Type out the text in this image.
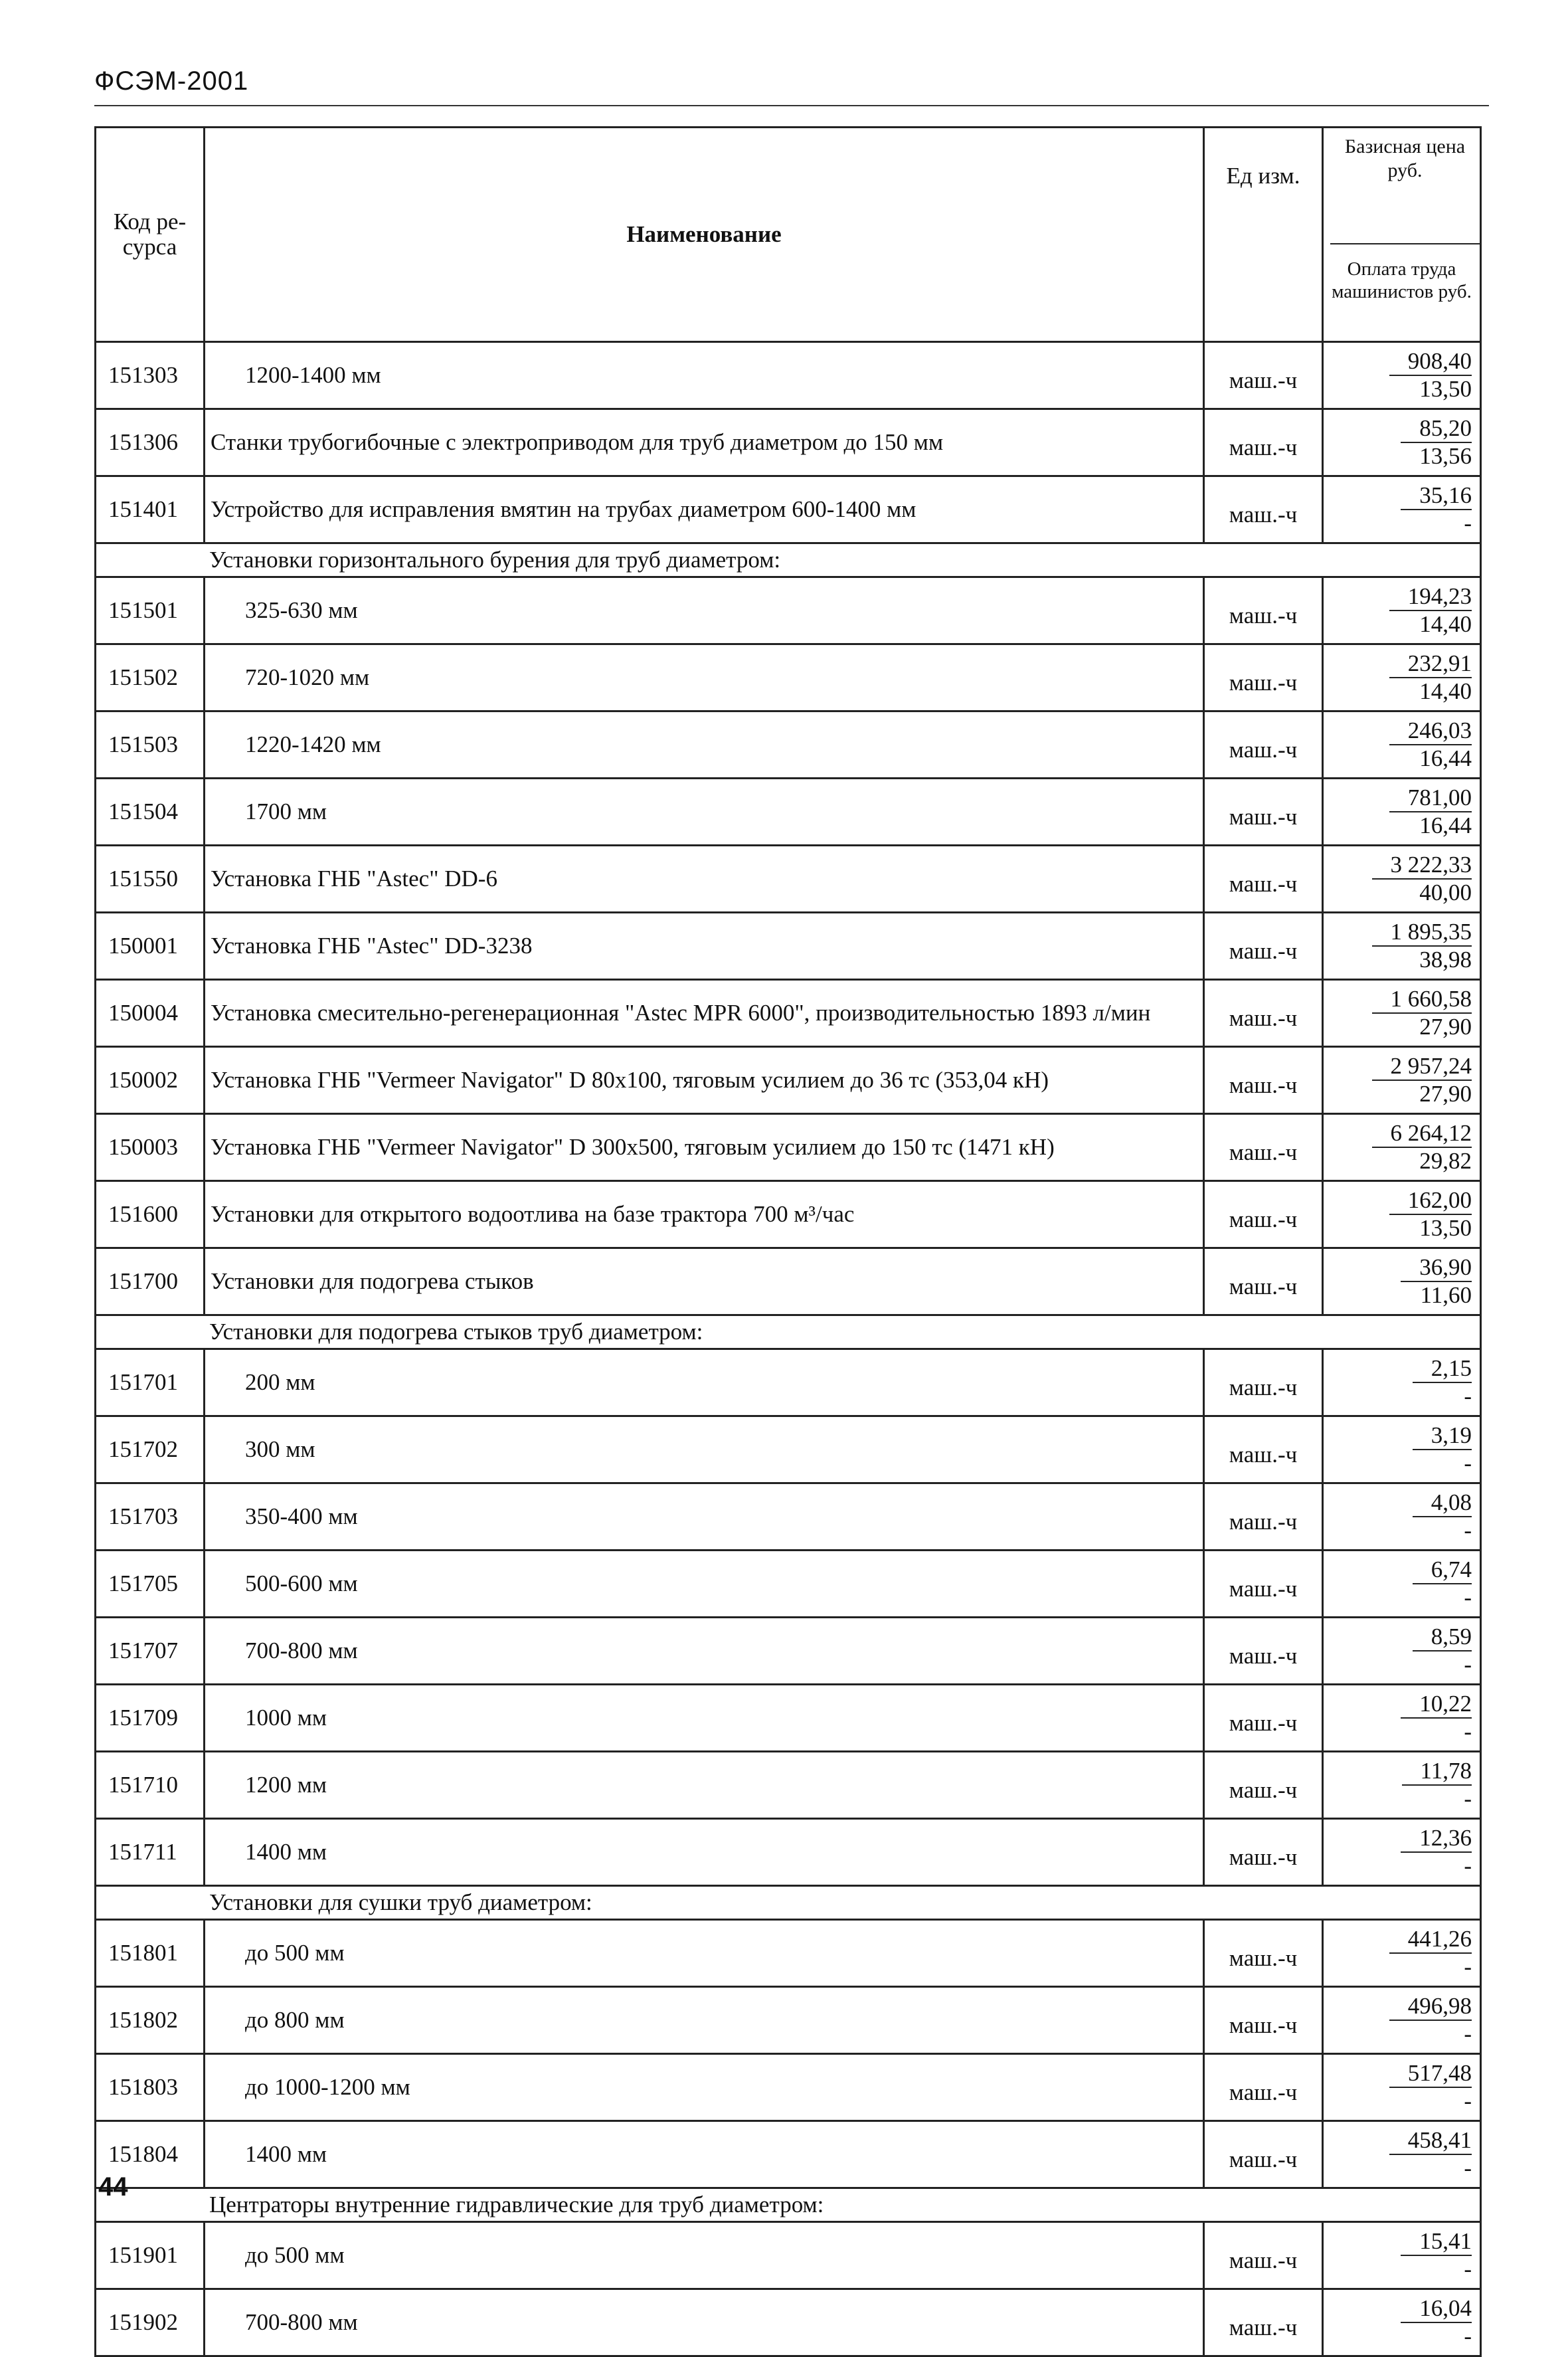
ФСЭМ-2001
Код ре-сурса	Наименование	Ед изм.	Базисная цена руб.
Оплата труда машинистов руб.

151303	1200-1400 мм	маш.-ч	908,40
13,50

151306	Станки трубогибочные с электроприводом для труб диаметром до 150 мм	маш.-ч	85,20
13,56

151401	Устройство для исправления вмятин на трубах диаметром 600-1400 мм	маш.-ч	35,16
-

Установки горизонтального бурения для труб диаметром:			
151501	325-630 мм	маш.-ч	194,23
14,40

151502	720-1020 мм	маш.-ч	232,91
14,40

151503	1220-1420 мм	маш.-ч	246,03
16,44

151504	1700 мм	маш.-ч	781,00
16,44

151550	Установка ГНБ "Astec" DD-6	маш.-ч	3 222,33
40,00

150001	Установка ГНБ "Astec" DD-3238	маш.-ч	1 895,35
38,98

150004	Установка смесительно-регенерационная "Astec MPR 6000", производительностью 1893 л/мин	маш.-ч	1 660,58
27,90

150002	Установка ГНБ "Vermeer Navigator" D 80x100, тяговым усилием до 36 тс (353,04 кН)	маш.-ч	2 957,24
27,90

150003	Установка ГНБ "Vermeer Navigator" D 300x500, тяговым усилием до 150 тс (1471 кН)	маш.-ч	6 264,12
29,82

151600	Установки для открытого водоотлива на базе трактора 700 м³/час	маш.-ч	162,00
13,50

151700	Установки для подогрева стыков	маш.-ч	36,90
11,60

Установки для подогрева стыков труб диаметром:			
151701	200 мм	маш.-ч	2,15
-

151702	300 мм	маш.-ч	3,19
-

151703	350-400 мм	маш.-ч	4,08
-

151705	500-600 мм	маш.-ч	6,74
-

151707	700-800 мм	маш.-ч	8,59
-

151709	1000 мм	маш.-ч	10,22
-

151710	1200 мм	маш.-ч	11,78
-

151711	1400 мм	маш.-ч	12,36
-

Установки для сушки труб диаметром:			
151801	до 500 мм	маш.-ч	441,26
-

151802	до 800 мм	маш.-ч	496,98
-

151803	до 1000-1200 мм	маш.-ч	517,48
-

151804	1400 мм	маш.-ч	458,41
-

Центраторы внутренние гидравлические для труб диаметром:			
151901	до 500 мм	маш.-ч	15,41
-

151902	700-800 мм	маш.-ч	16,04
-
44
